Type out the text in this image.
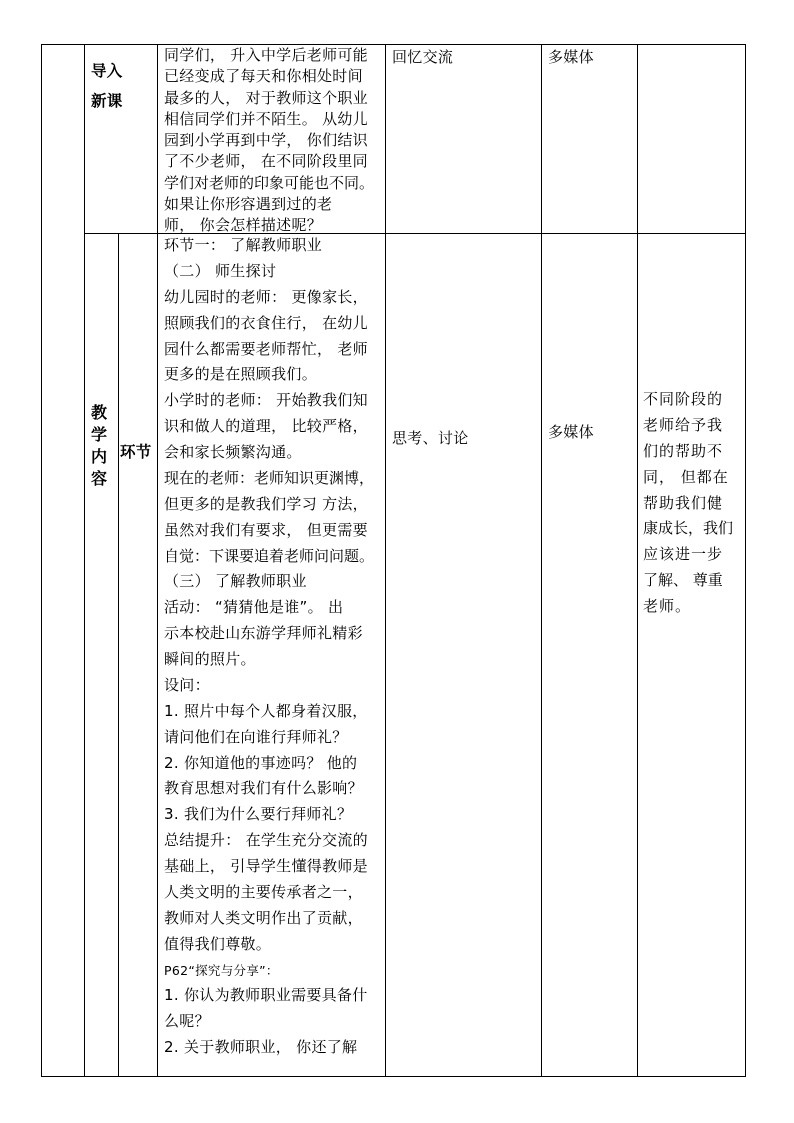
导入
新课
同学们， 升入中学后老师可能
已经变成了每天和你相处时间
最多的人， 对于教师这个职业
相信同学们并不陌生。 从幼儿
园到小学再到中学， 你们结识
了不少老师， 在不同阶段里同
学们对老师的印象可能也不同。
如果让你形容遇到过的老
师， 你会怎样描述呢？
回忆交流	多媒体
教
学
内
容
环节
环节一： 了解教师职业
（二） 师生探讨
幼儿园时的老师： 更像家长，
照顾我们的衣食住行， 在幼儿
园什么都需要老师帮忙， 老师
更多的是在照顾我们。
小学时的老师： 开始教我们知
识和做人的道理， 比较严格，
会和家长频繁沟通。
现在的老师：老师知识更渊博，
但更多的是教我们学习 方法，
虽然对我们有要求， 但更需要
自觉：下课要追着老师问问题。
（三） 了解教师职业
活动： “猜猜他是谁”。 出
示本校赴山东游学拜师礼精彩
瞬间的照片。
设问：
1. 照片中每个人都身着汉服，
请问他们在向谁行拜师礼？
2. 你知道他的事迹吗？ 他的
教育思想对我们有什么影响？
3. 我们为什么要行拜师礼？
总结提升： 在学生充分交流的
基础上， 引导学生懂得教师是
人类文明的主要传承者之一，
教师对人类文明作出了贡献，
值得我们尊敬。
P62“探究与分享”：
1. 你认为教师职业需要具备什
么呢？
2. 关于教师职业， 你还了解
思考、讨论	多媒体
不同阶段的
老师给予我
们的帮助不
同， 但都在
帮助我们健
康成长，我们
应该进一步
了解、 尊重
老师。
